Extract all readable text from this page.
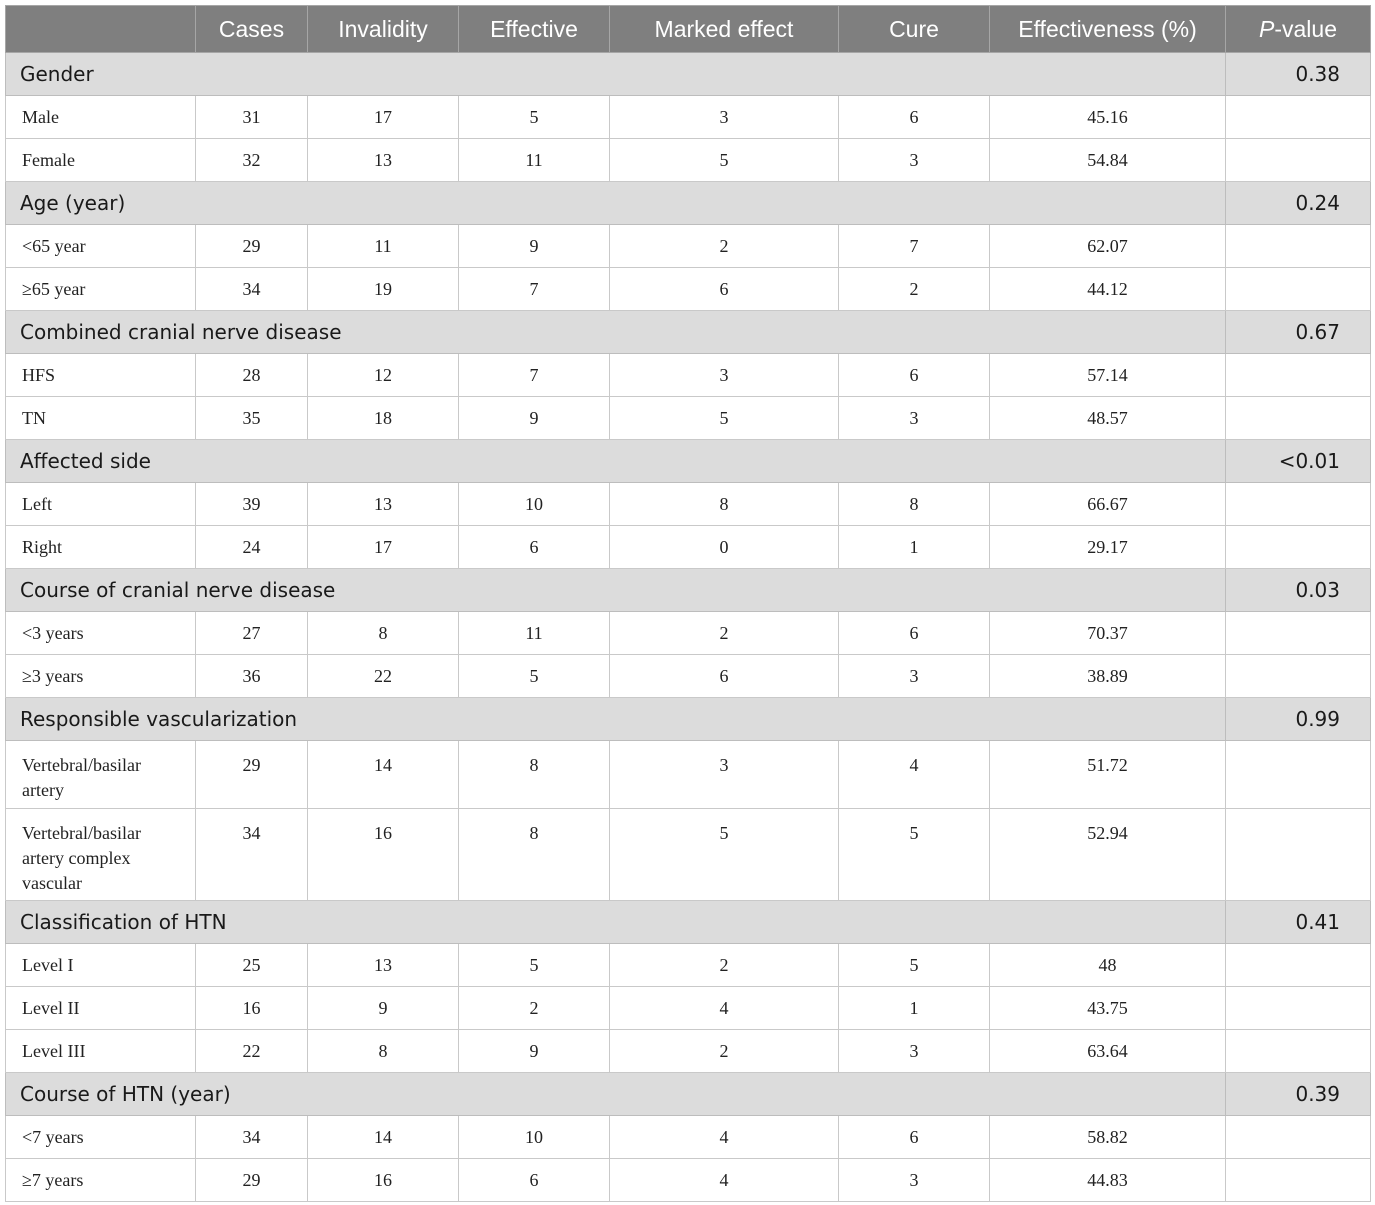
	Cases	Invalidity	Effective	Marked effect	Cure	Effectiveness (%)	P-value
Gender							0.38
Male	31	17	5	3	6	45.16	
Female	32	13	11	5	3	54.84	
Age (year)							0.24
<65 year	29	11	9	2	7	62.07	
≥65 year	34	19	7	6	2	44.12	
Combined cranial nerve disease							0.67
HFS	28	12	7	3	6	57.14	
TN	35	18	9	5	3	48.57	
Affected side							<0.01
Left	39	13	10	8	8	66.67	
Right	24	17	6	0	1	29.17	
Course of cranial nerve disease							0.03
<3 years	27	8	11	2	6	70.37	
≥3 years	36	22	5	6	3	38.89	
Responsible vascularization							0.99
Vertebral/basilar artery	29	14	8	3	4	51.72	
Vertebral/basilar artery complex vascular	34	16	8	5	5	52.94	
Classification of HTN							0.41
Level I	25	13	5	2	5	48	
Level II	16	9	2	4	1	43.75	
Level III	22	8	9	2	3	63.64	
Course of HTN (year)							0.39
<7 years	34	14	10	4	6	58.82	
≥7 years	29	16	6	4	3	44.83	
